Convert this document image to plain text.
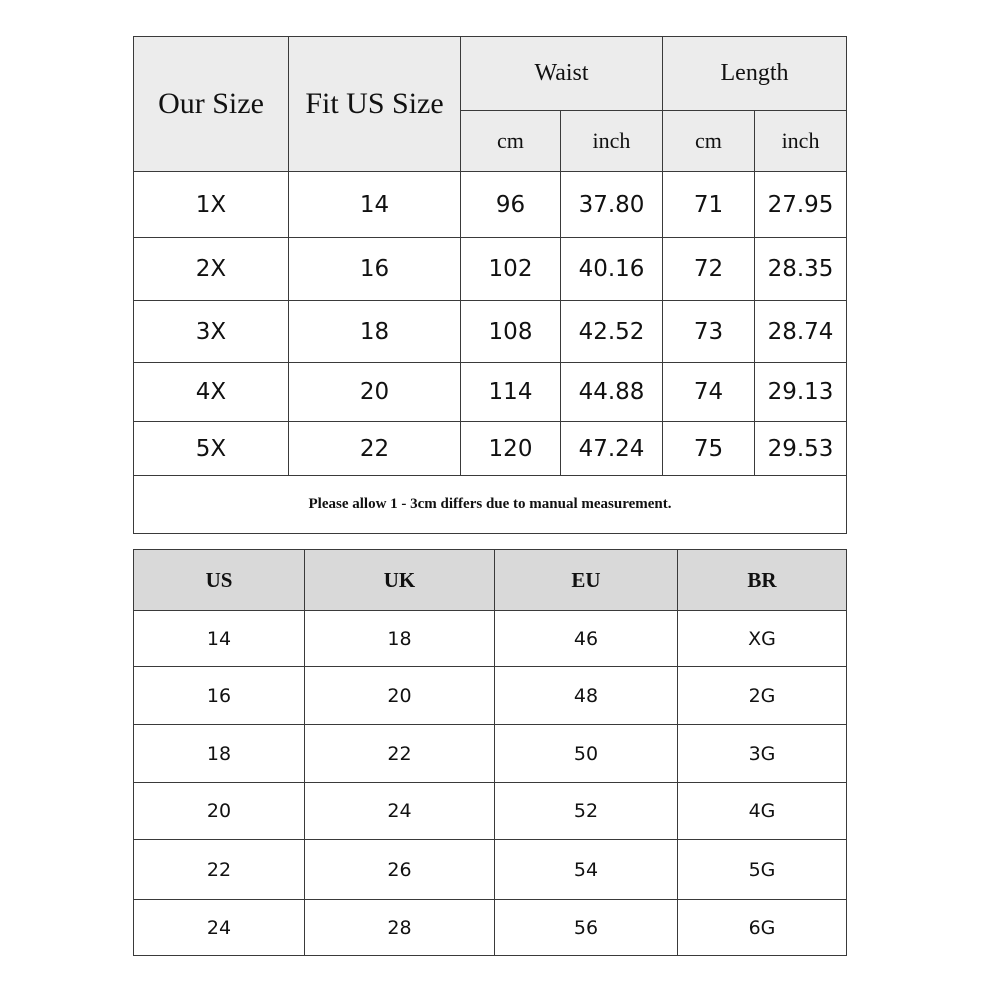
Our Size	Fit US Size	Waist		Length	
		cm	inch	cm	inch
1X	14	96	37.80	71	27.95
2X	16	102	40.16	72	28.35
3X	18	108	42.52	73	28.74
4X	20	114	44.88	74	29.13
5X	22	120	47.24	75	29.53
Please allow 1 - 3cm differs due to manual measurement.					
US	UK	EU	BR
14	18	46	XG
16	20	48	2G
18	22	50	3G
20	24	52	4G
22	26	54	5G
24	28	56	6G
